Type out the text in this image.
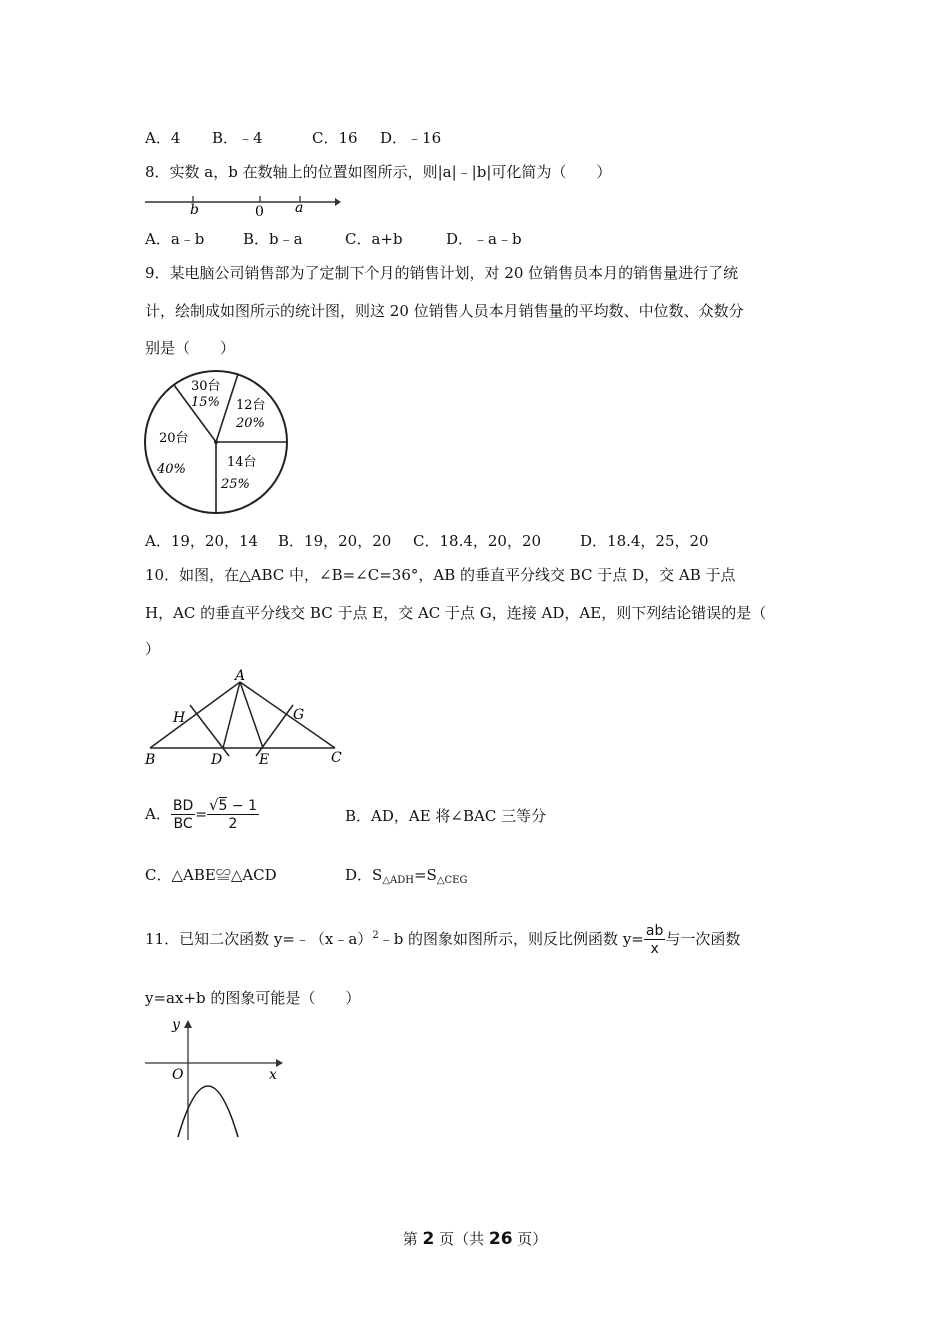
A．4 B．﹣4	C．16 D．﹣16
8．实数 a，b 在数轴上的位置如图所示，则|a|﹣|b|可化简为（　　）
b	0 a
A．a﹣b	B．b﹣a	C．a+b	D．﹣a﹣b
9．某电脑公司销售部为了定制下个月的销售计划，对 20 位销售员本月的销售量进行了统
计，绘制成如图所示的统计图，则这 20 位销售人员本月销售量的平均数、中位数、众数分
别是（　　）
30台
15% 12台
20%
14台
25%
20台
40%
A．19，20，14 B．19，20，20 C．18.4，20，20	D．18.4，25，20
10．如图，在△ABC 中，∠B=∠C=36°，AB 的垂直平分线交 BC 于点 D，交 AB 于点
H，AC 的垂直平分线交 BC 于点 E，交 AC 于点 G，连接 AD，AE，则下列结论错误的是（
）
A
H	G
B	D	E	C
A． $\frac{BD}{BC} = \frac{√5 - 1}{2}$	B．AD，AE 将∠BAC 三等分
C．△ABE≌△ACD	D．$S_{\triangle ADH}=S_{\triangle CEG}$
11．已知二次函数 y=﹣（x﹣a）$^2$﹣b 的图象如图所示，则反比例函数 $y= \frac{ab}{x}$ 与一次函数
y=ax+b 的图象可能是（　　）
y
x
O
第 2 页（共 26 页）
